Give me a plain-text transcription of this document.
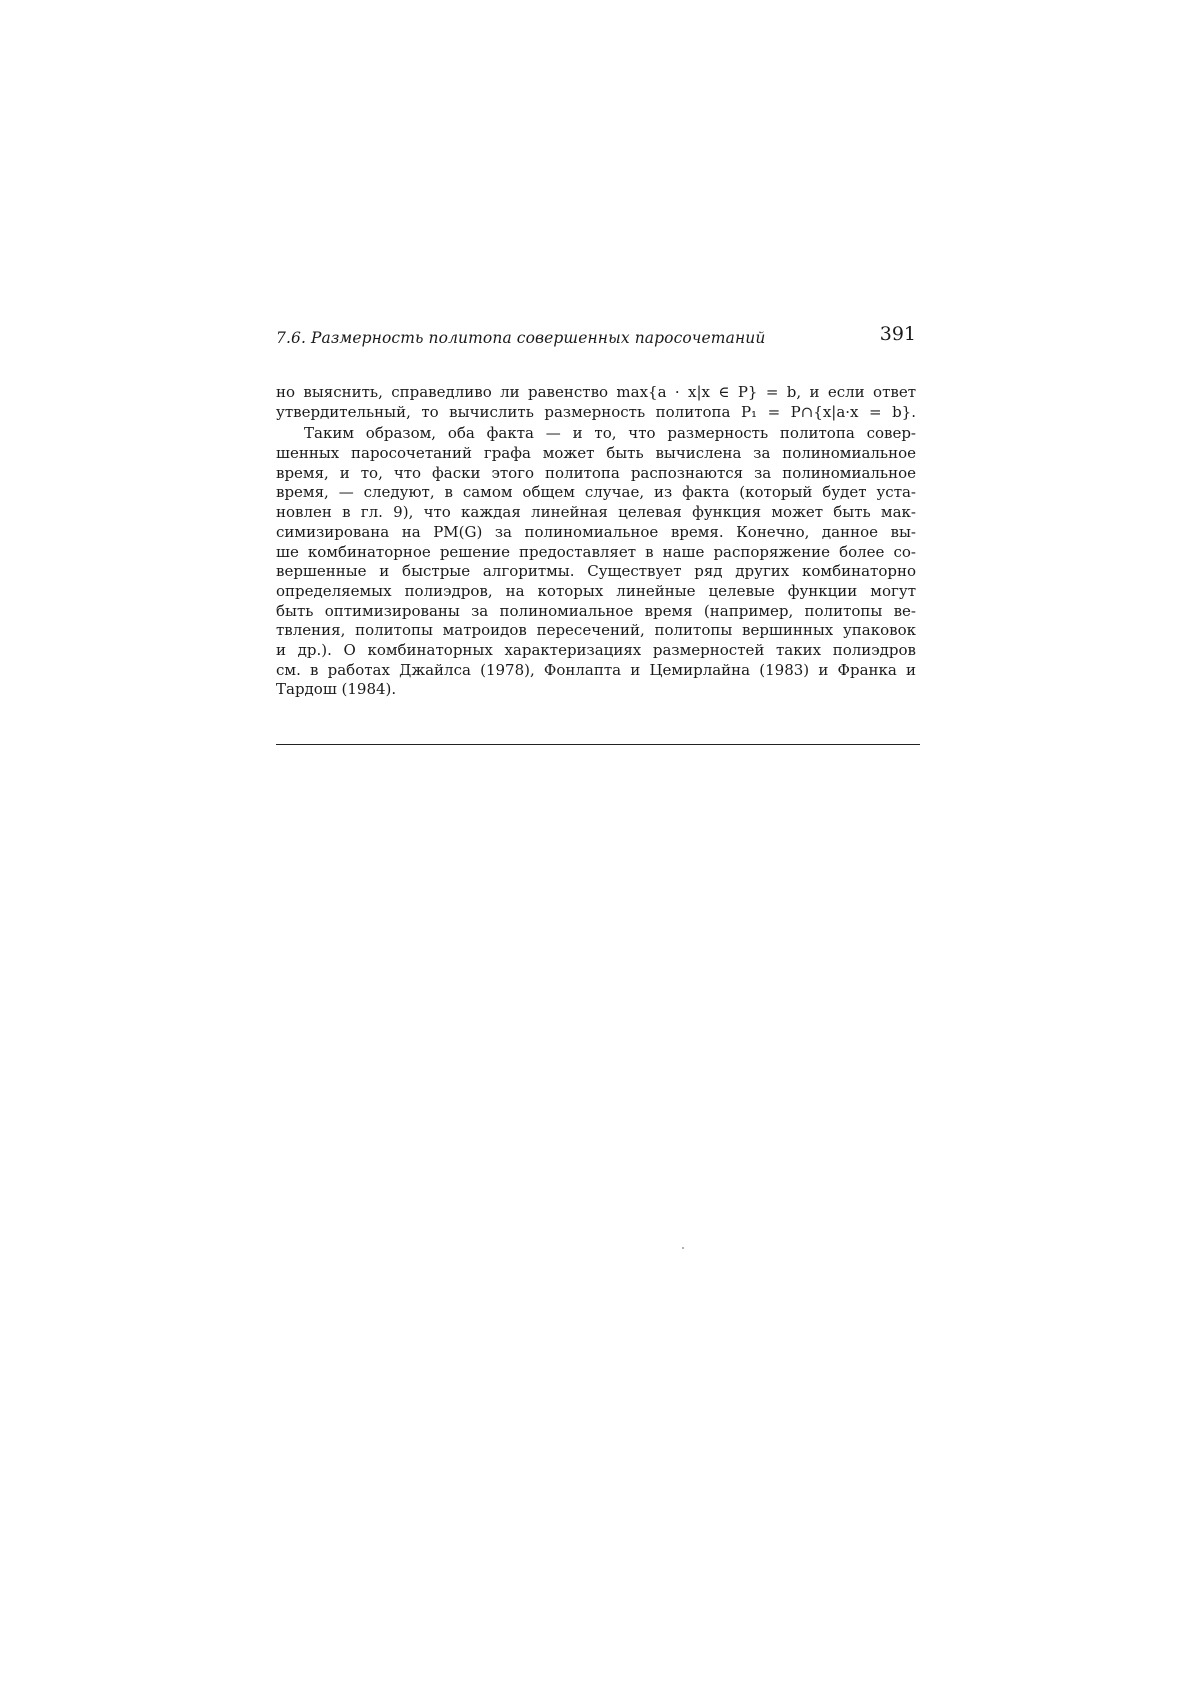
7.6. Размерность политопа совершенных паросочетаний	391
но выяснить, справедливо ли равенство max{a · x|x ∈ P} = b, и если ответ
утвердительный, то вычислить размерность политопа P₁ = P∩{x|a·x = b}.
Таким образом, оба факта — и то, что размерность политопа совер-
шенных паросочетаний графа может быть вычислена за полиномиальное
время, и то, что фаски этого политопа распознаются за полиномиальное
время, — следуют, в самом общем случае, из факта (который будет уста-
новлен в гл. 9), что каждая линейная целевая функция может быть мак-
симизирована на PM(G) за полиномиальное время. Конечно, данное вы-
ше комбинаторное решение предоставляет в наше распоряжение более со-
вершенные и быстрые алгоритмы. Существует ряд других комбинаторно
определяемых полиэдров, на которых линейные целевые функции могут
быть оптимизированы за полиномиальное время (например, политопы ве-
твления, политопы матроидов пересечений, политопы вершинных упаковок
и др.). О комбинаторных характеризациях размерностей таких полиэдров
см. в работах Джайлса (1978), Фонлапта и Цемирлайна (1983) и Франка и
Тардош (1984).
